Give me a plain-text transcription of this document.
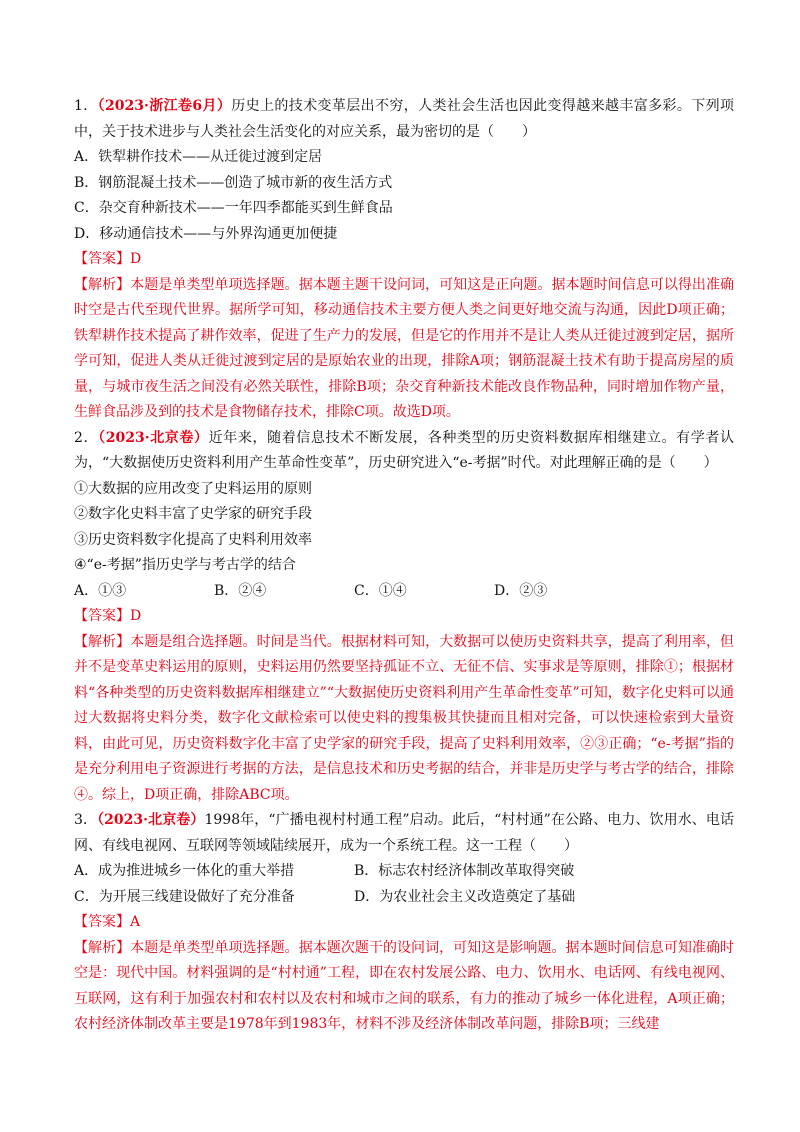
1．（2023·浙江卷6月）历史上的技术变革层出不穷，人类社会生活也因此变得越来越丰富多彩。下列项中，关于技术进步与人类社会生活变化的对应关系，最为密切的是（　　）
A．铁犁耕作技术——从迁徙过渡到定居
B．钢筋混凝土技术——创造了城市新的夜生活方式
C．杂交育种新技术——一年四季都能买到生鲜食品
D．移动通信技术——与外界沟通更加便捷
【答案】D
【解析】本题是单类型单项选择题。据本题主题干设问词，可知这是正向题。据本题时间信息可以得出准确时空是古代至现代世界。据所学可知，移动通信技术主要方便人类之间更好地交流与沟通，因此D项正确；铁犁耕作技术提高了耕作效率，促进了生产力的发展，但是它的作用并不是让人类从迁徙过渡到定居，据所学可知，促进人类从迁徙过渡到定居的是原始农业的出现，排除A项；钢筋混凝土技术有助于提高房屋的质量，与城市夜生活之间没有必然关联性，排除B项；杂交育种新技术能改良作物品种，同时增加作物产量，生鲜食品涉及到的技术是食物储存技术，排除C项。故选D项。
2．（2023·北京卷）近年来，随着信息技术不断发展，各种类型的历史资料数据库相继建立。有学者认为，“大数据使历史资料利用产生革命性变革”，历史研究进入“e-考据”时代。对此理解正确的是（　　）
①大数据的应用改变了史料运用的原则
②数字化史料丰富了史学家的研究手段
③历史资料数字化提高了史料利用效率
④“e-考据”指历史学与考古学的结合
A．①③	B．②④	C．①④	D．②③
【答案】D
【解析】本题是组合选择题。时间是当代。根据材料可知，大数据可以使历史资料共享，提高了利用率，但并不是变革史料运用的原则，史料运用仍然要坚持孤证不立、无征不信、实事求是等原则，排除①；根据材料“各种类型的历史资料数据库相继建立”“大数据使历史资料利用产生革命性变革”可知，数字化史料可以通过大数据将史料分类，数字化文献检索可以使史料的搜集极其快捷而且相对完备，可以快速检索到大量资料，由此可见，历史资料数字化丰富了史学家的研究手段，提高了史料利用效率，②③正确；“e-考据”指的是充分利用电子资源进行考据的方法，是信息技术和历史考据的结合，并非是历史学与考古学的结合，排除④。综上，D项正确，排除ABC项。
3．（2023·北京卷）1998年，“广播电视村村通工程”启动。此后，“村村通”在公路、电力、饮用水、电话网、有线电视网、互联网等领域陆续展开，成为一个系统工程。这一工程（　　）
A．成为推进城乡一体化的重大举措	B．标志农村经济体制改革取得突破
C．为开展三线建设做好了充分准备	D．为农业社会主义改造奠定了基础
【答案】A
【解析】本题是单类型单项选择题。据本题次题干的设问词，可知这是影响题。据本题时间信息可知准确时空是：现代中国。材料强调的是“村村通”工程，即在农村发展公路、电力、饮用水、电话网、有线电视网、互联网，这有利于加强农村和农村以及农村和城市之间的联系，有力的推动了城乡一体化进程，A项正确；农村经济体制改革主要是1978年到1983年，材料不涉及经济体制改革问题，排除B项；三线建
